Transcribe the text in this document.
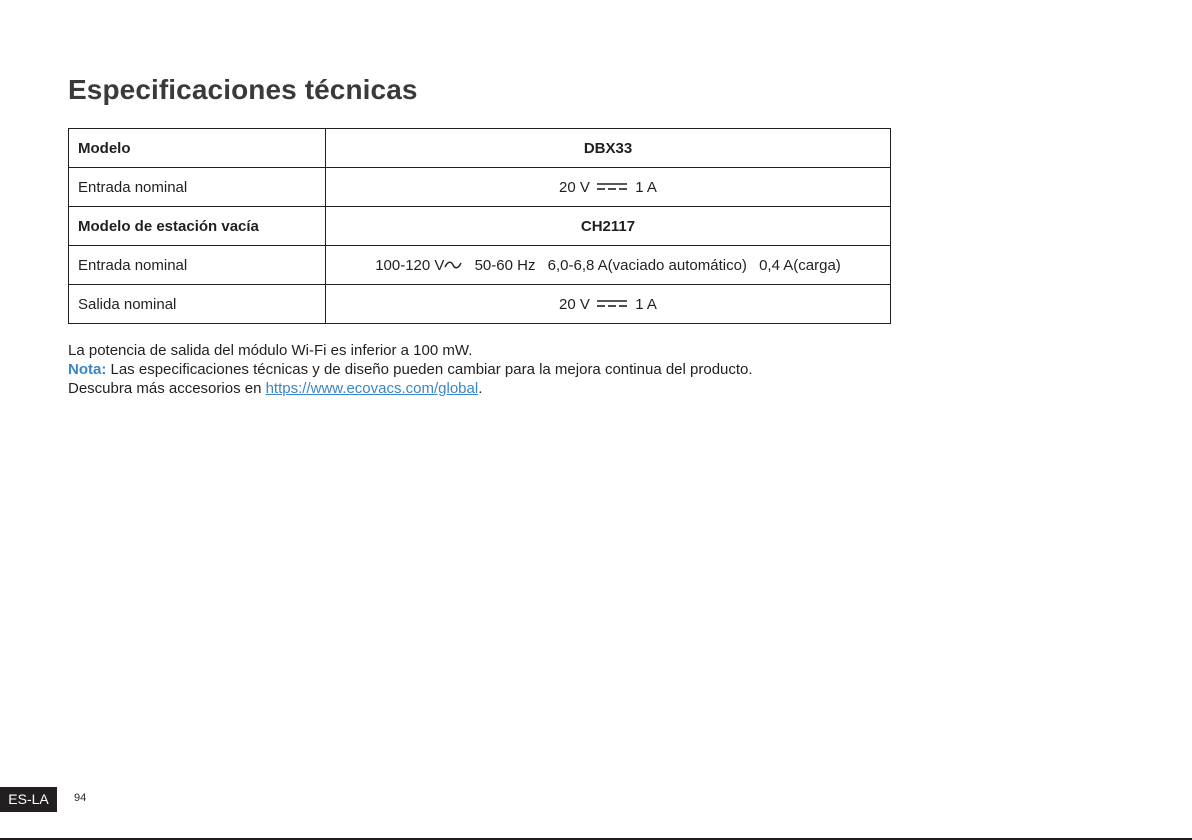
Especificaciones técnicas
Modelo	DBX33
Entrada nominal	20 V 1 A
Modelo de estación vacía	CH2117
Entrada nominal	100-120 V 50-60 Hz 6,0-6,8 A(vaciado automático) 0,4 A(carga)
Salida nominal	20 V 1 A

La potencia de salida del módulo Wi-Fi es inferior a 100 mW.

Nota: Las especificaciones técnicas y de diseño pueden cambiar para la mejora continua del producto.

Descubra más accesorios en https://www.ecovacs.com/global.

ES-LA	94
